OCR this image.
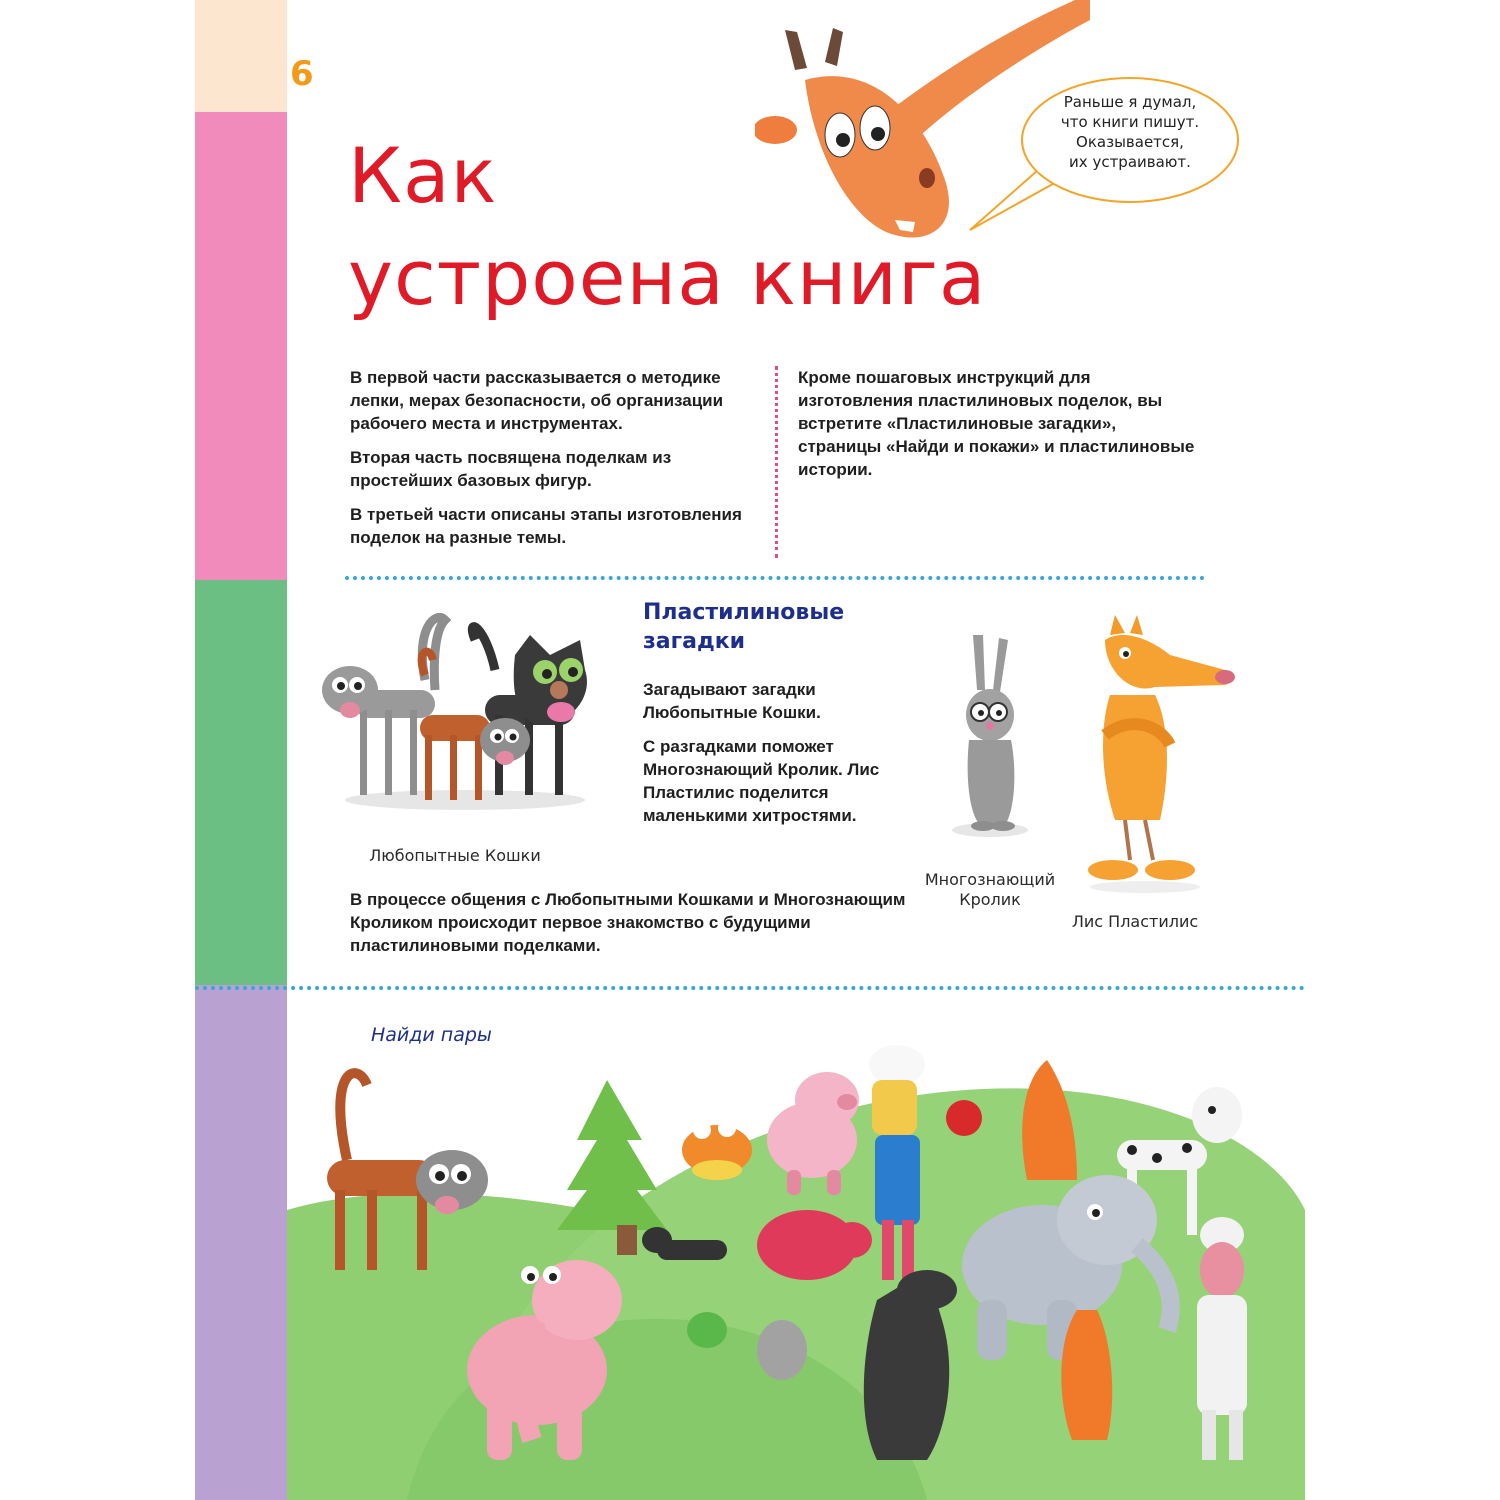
6
Как
устроена книга
Раньше я думал,
что книги пишут.
Оказывается,
их устраивают.

В первой части рассказывается о методике лепки, мерах безопасности, об организации рабочего места и инструментах.

Вторая часть посвящена поделкам из простейших базовых фигур.

В третьей части описаны этапы изготовления поделок на разные темы.

Кроме пошаговых инструкций для изготовления пластилиновых поделок, вы встретите «Пластилиновые загадки», страницы «Найди и покажи» и пластилиновые истории.

Любопытные Кошки
Пластилиновые
загадки

Загадывают загадки Любопытные Кошки.

С разгадками поможет Многознающий Кролик. Лис Пластилис поделится маленькими хитростями.

В процессе общения с Любопытными Кошками и Многознающим Кроликом происходит первое знакомство с будущими пластилиновыми поделками.

Многознающий
Кролик
Лис Пластилис
Найди пары
